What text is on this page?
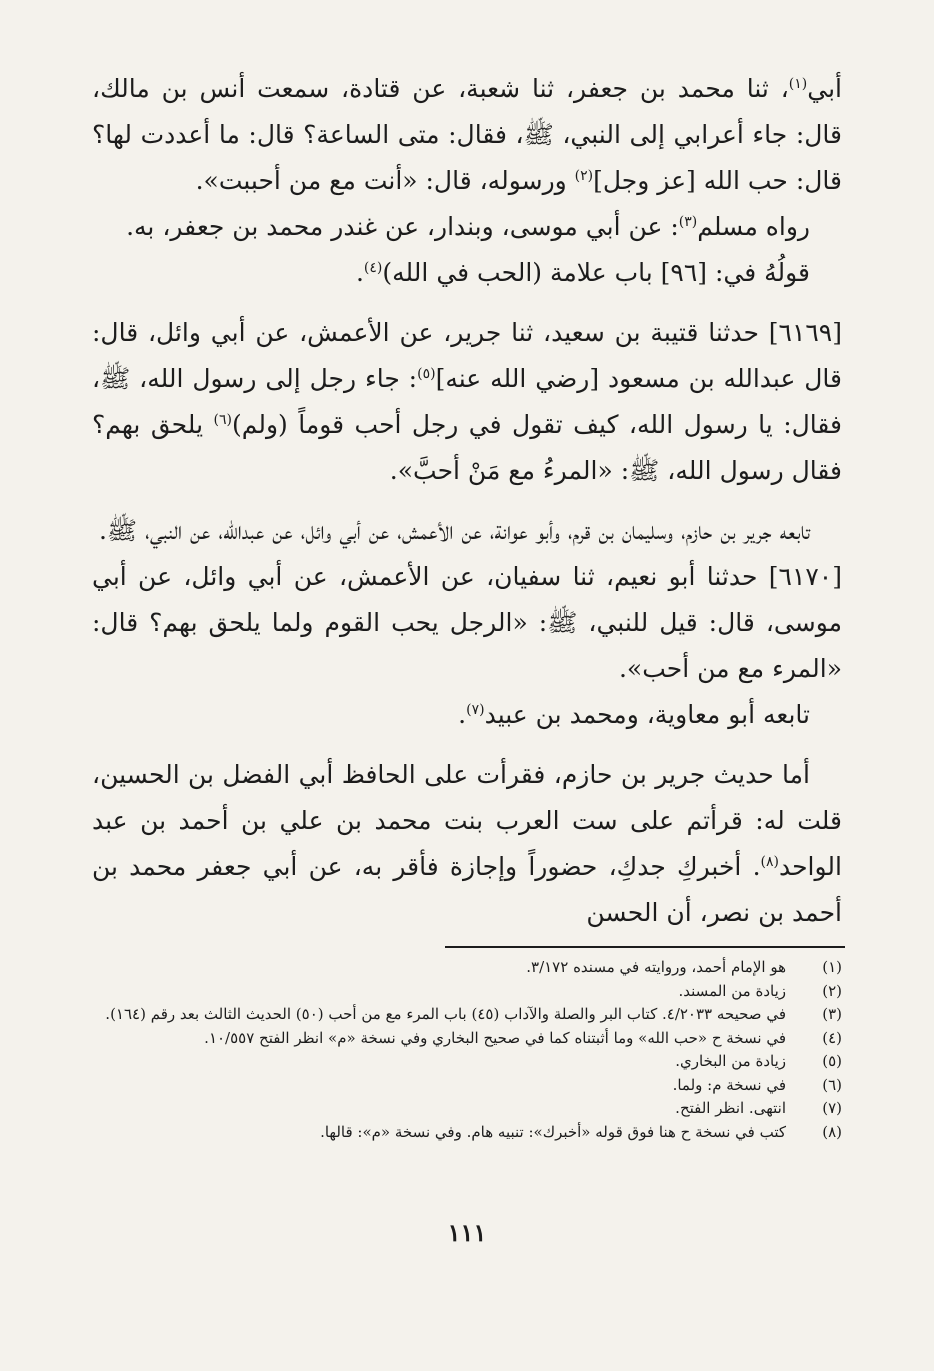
أبي$^{(١)}$، ثنا محمد بن جعفر، ثنا شعبة، عن قتادة، سمعت أنس بن مالك، قال: جاء أعرابي إلى النبي، ﷺ، فقال: متى الساعة؟ قال: ما أعددت لها؟ قال: حب الله [عز وجل]$^{(٢)}$ ورسوله، قال: «أنت مع من أحببت».

رواه مسلم$^{(٣)}$: عن أبي موسى، وبندار، عن غندر محمد بن جعفر، به.

قولُهُ في: [٩٦] باب علامة (الحب في الله)$^{(٤)}$.

[٦١٦٩] حدثنا قتيبة بن سعيد، ثنا جرير، عن الأعمش، عن أبي وائل، قال: قال عبدالله بن مسعود [رضي الله عنه]$^{(٥)}$: جاء رجل إلى رسول الله، ﷺ، فقال: يا رسول الله، كيف تقول في رجل أحب قوماً (ولم)$^{(٦)}$ يلحق بهم؟ فقال رسول الله، ﷺ: «المرءُ مع مَنْ أحبَّ».

تابعه جرير بن حازم، وسليمان بن قرم، وأبو عوانة، عن الأعمش، عن أبي وائل، عن عبدالله، عن النبي، ﷺ.

[٦١٧٠] حدثنا أبو نعيم، ثنا سفيان، عن الأعمش، عن أبي وائل، عن أبي موسى، قال: قيل للنبي، ﷺ: «الرجل يحب القوم ولما يلحق بهم؟ قال: «المرء مع من أحب».

تابعه أبو معاوية، ومحمد بن عبيد$^{(٧)}$.

أما حديث جرير بن حازم، فقرأت على الحافظ أبي الفضل بن الحسين، قلت له: قرأتم على ست العرب بنت محمد بن علي بن أحمد بن عبد الواحد$^{(٨)}$. أخبركِ جدكِ، حضوراً وإجازة فأقر به، عن أبي جعفر محمد بن أحمد بن نصر، أن الحسن

(١)
هو الإمام أحمد، وروايته في مسنده ٣/١٧٢.
(٢)
زيادة من المسند.
(٣)
في صحيحه ٤/٢٠٣٣. كتاب البر والصلة والآداب (٤٥) باب المرء مع من أحب (٥٠) الحديث الثالث بعد رقم (١٦٤).
(٤)
في نسخة ح «حب الله» وما أثبتناه كما في صحيح البخاري وفي نسخة «م» انظر الفتح ١٠/٥٥٧.
(٥)
زيادة من البخاري.
(٦)
في نسخة م: ولما.
(٧)
انتهى. انظر الفتح.
(٨)
كتب في نسخة ح هنا فوق قوله «أخبرك»: تنبيه هام. وفي نسخة «م»: قالها.
١١١
